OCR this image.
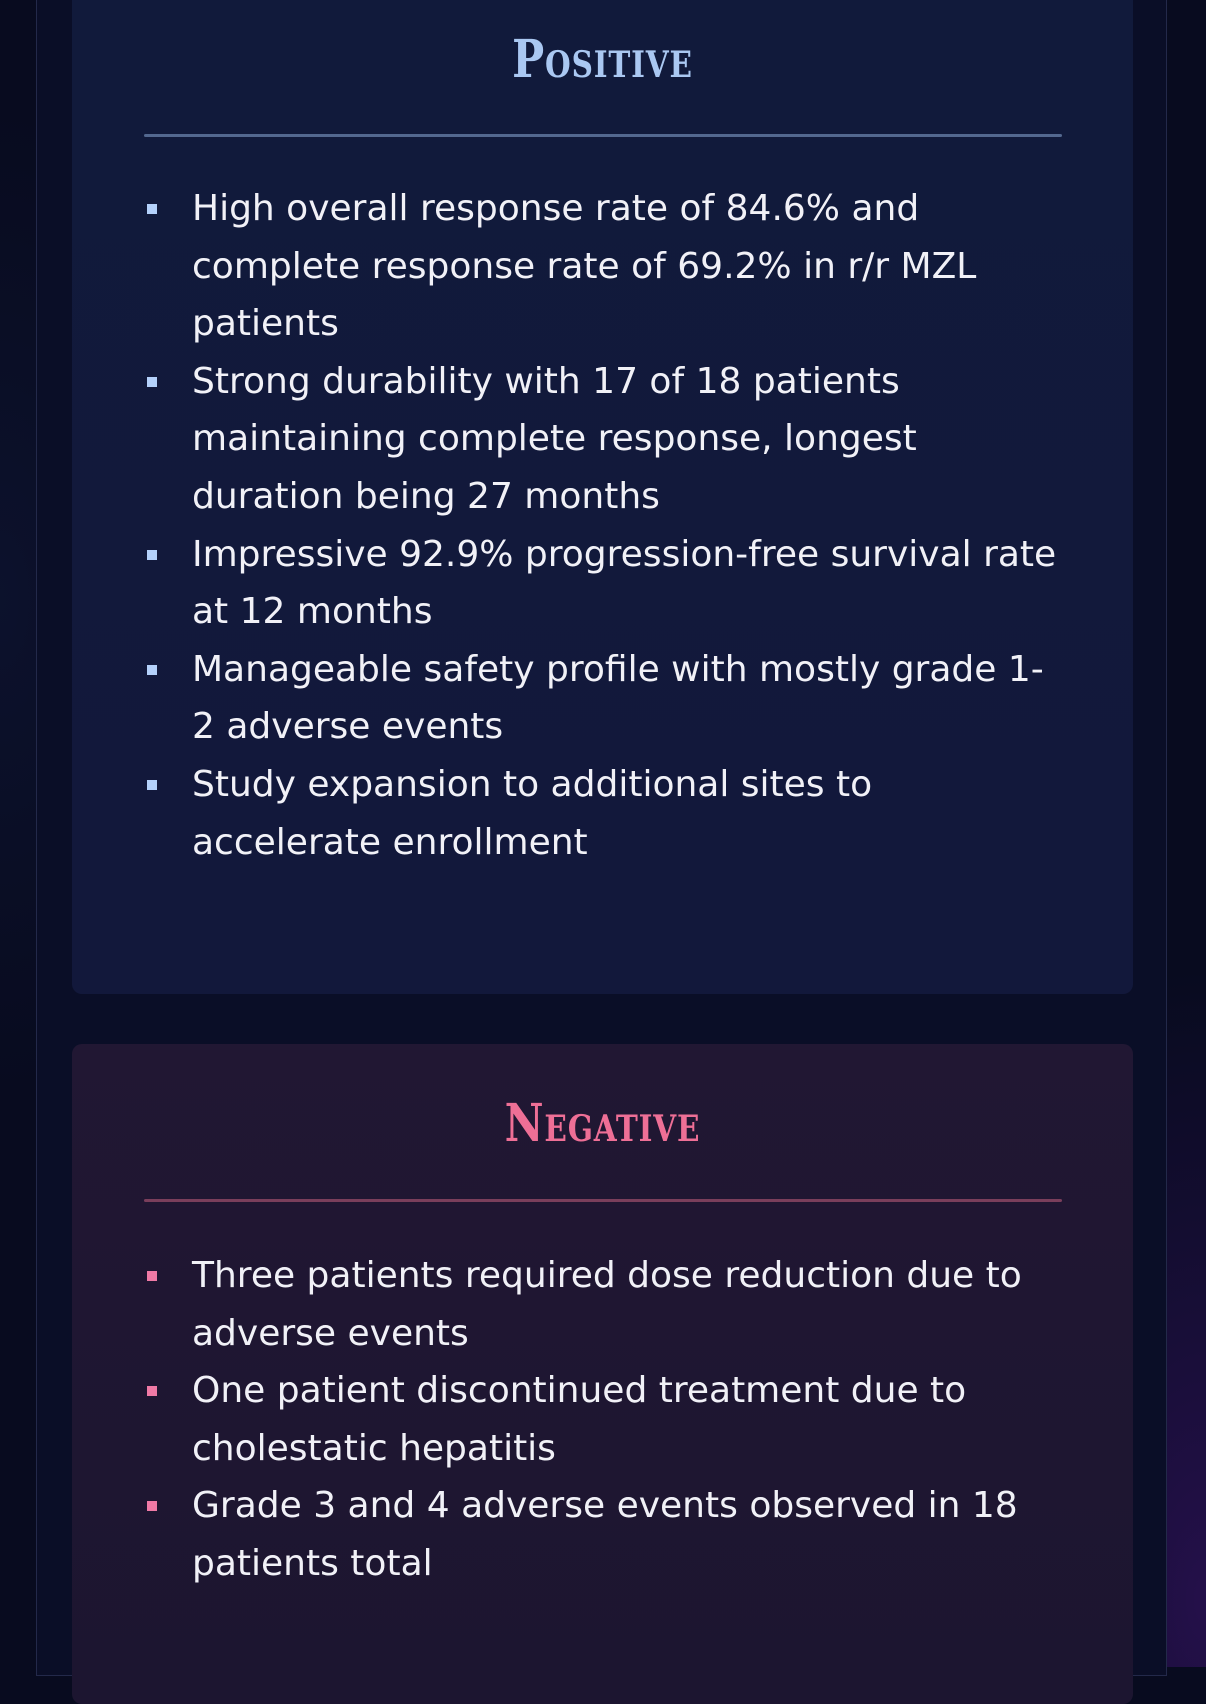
Positive
High overall response rate of 84.6% and complete response rate of 69.2% in r/r MZL patients
Strong durability with 17 of 18 patients maintaining complete response, longest duration being 27 months
Impressive 92.9% progression-free survival rate at 12 months
Manageable safety profile with mostly grade 1-2 adverse events
Study expansion to additional sites to accelerate enrollment
Negative
Three patients required dose reduction due to adverse events
One patient discontinued treatment due to cholestatic hepatitis
Grade 3 and 4 adverse events observed in 18 patients total
